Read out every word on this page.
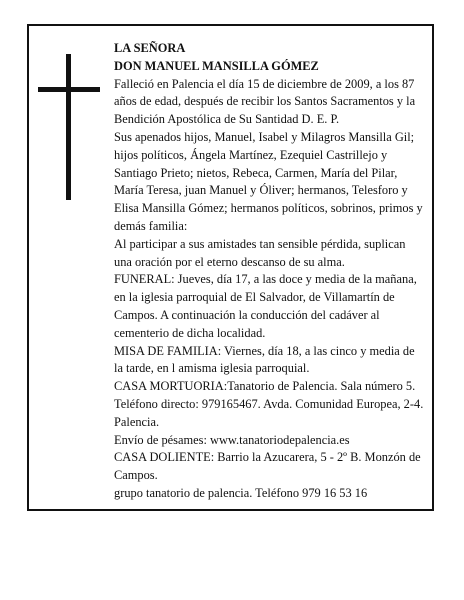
LA SEÑORA

DON MANUEL MANSILLA GÓMEZ

Falleció en Palencia el día 15 de diciembre de 2009, a los 87 años de edad, después de recibir los Santos Sacramentos y la Bendición Apostólica de Su Santidad D. E. P.

Sus apenados hijos, Manuel, Isabel y Milagros Mansilla Gil; hijos políticos, Ángela Martínez, Ezequiel Castrillejo y Santiago Prieto; nietos, Rebeca, Carmen, María del Pilar, María Teresa, juan Manuel y Óliver; hermanos, Telesforo y Elisa Mansilla Gómez; hermanos políticos, sobrinos, primos y demás familia:

Al participar a sus amistades tan sensible pérdida, suplican una oración por el eterno descanso de su alma.

FUNERAL: Jueves, día 17, a las doce y media de la mañana, en la iglesia parroquial de El Salvador, de Villamartín de Campos. A continuación la conducción del cadáver al cementerio de dicha localidad.

MISA DE FAMILIA: Viernes, día 18, a las cinco y media de la tarde, en l amisma iglesia parroquial.

CASA MORTUORIA:Tanatorio de Palencia. Sala número 5. Teléfono directo: 979165467. Avda. Comunidad Europea, 2-4. Palencia.

Envío de pésames: www.tanatoriodepalencia.es

CASA DOLIENTE: Barrio la Azucarera, 5 - 2º B. Monzón de Campos.

grupo tanatorio de palencia. Teléfono 979 16 53 16
